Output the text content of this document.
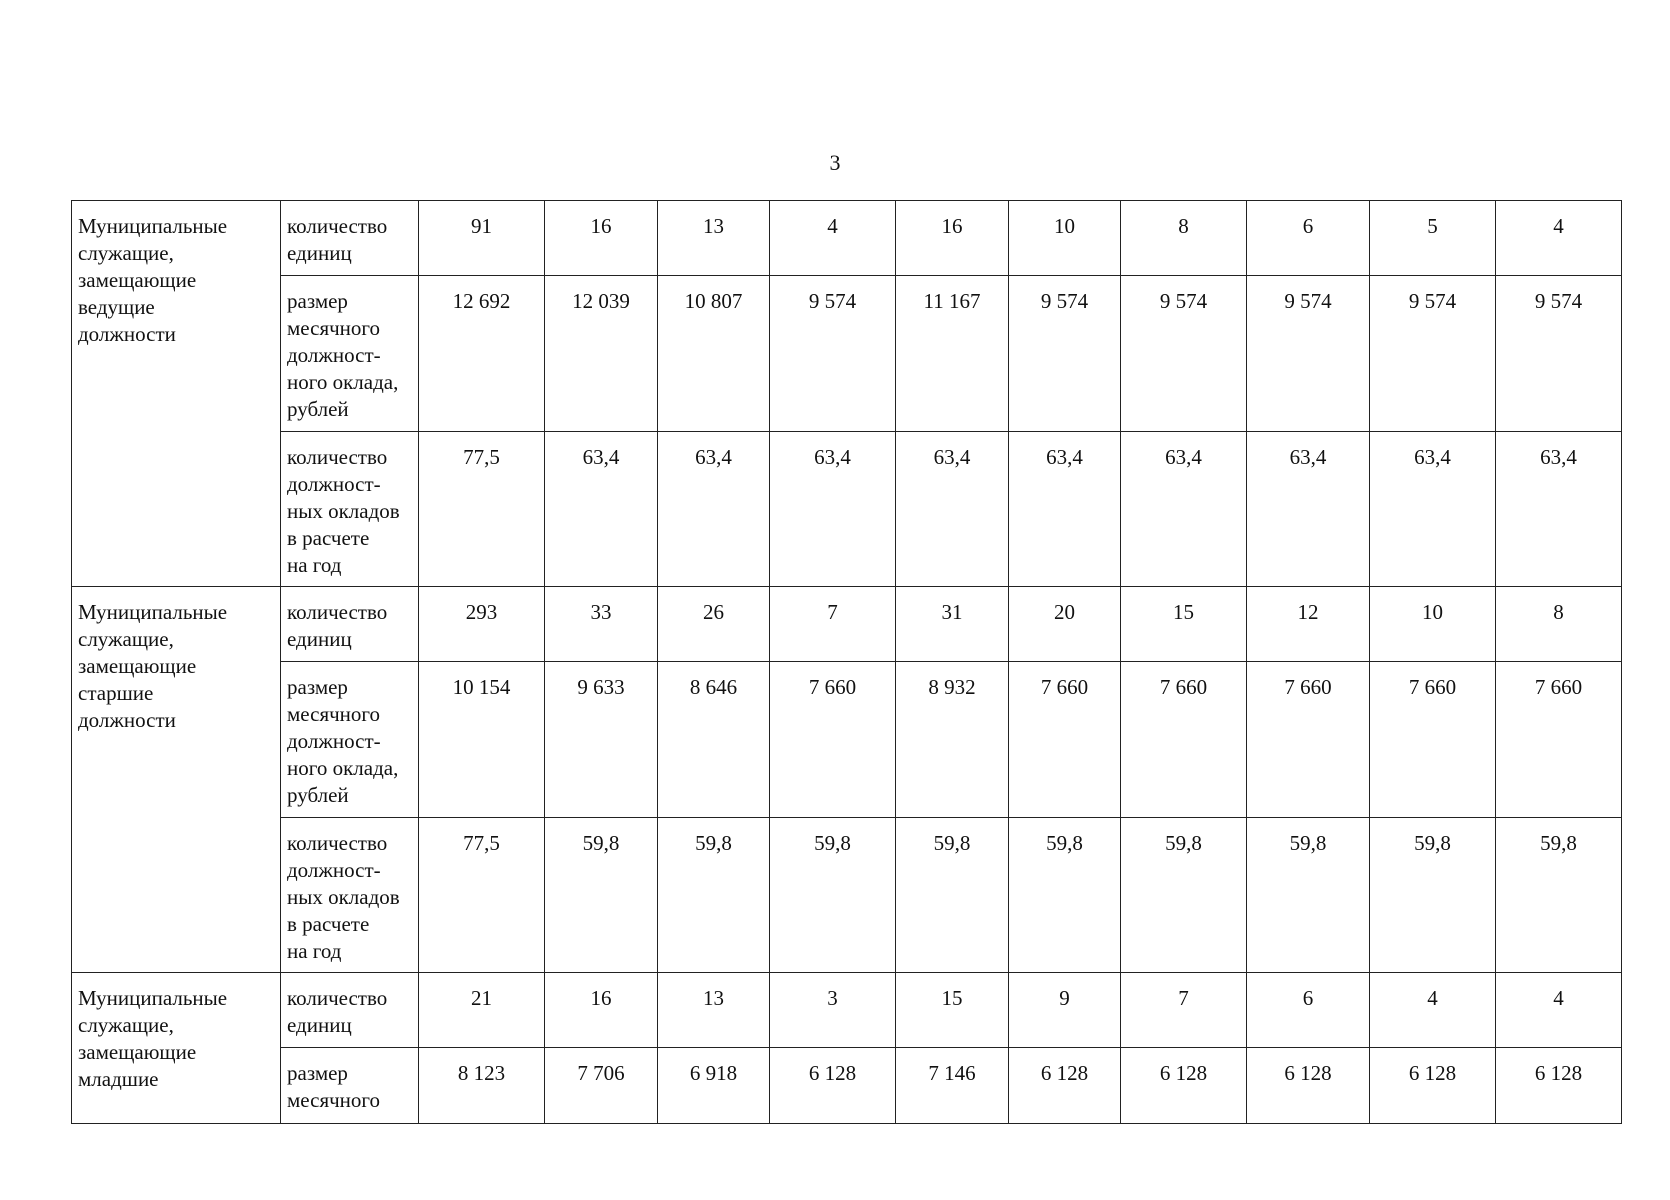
3
Муниципальные
служащие,
замещающие
ведущие
должности	количество
единиц	91	16	13	4	16	10	8	6	5	4

	размер
месячного
должност-
ного оклада,
рублей	12 692	12 039	10 807	9 574	11 167	9 574	9 574	9 574	9 574	9 574

	количество
должност-
ных окладов
в расчете
на год	77,5	63,4	63,4	63,4	63,4	63,4	63,4	63,4	63,4	63,4

Муниципальные
служащие,
замещающие
старшие
должности	количество
единиц	293	33	26	7	31	20	15	12	10	8

	размер
месячного
должност-
ного оклада,
рублей	10 154	9 633	8 646	7 660	8 932	7 660	7 660	7 660	7 660	7 660

	количество
должност-
ных окладов
в расчете
на год	77,5	59,8	59,8	59,8	59,8	59,8	59,8	59,8	59,8	59,8

Муниципальные
служащие,
замещающие
младшие	количество
единиц	21	16	13	3	15	9	7	6	4	4

	размер
месячного	8 123	7 706	6 918	6 128	7 146	6 128	6 128	6 128	6 128	6 128
